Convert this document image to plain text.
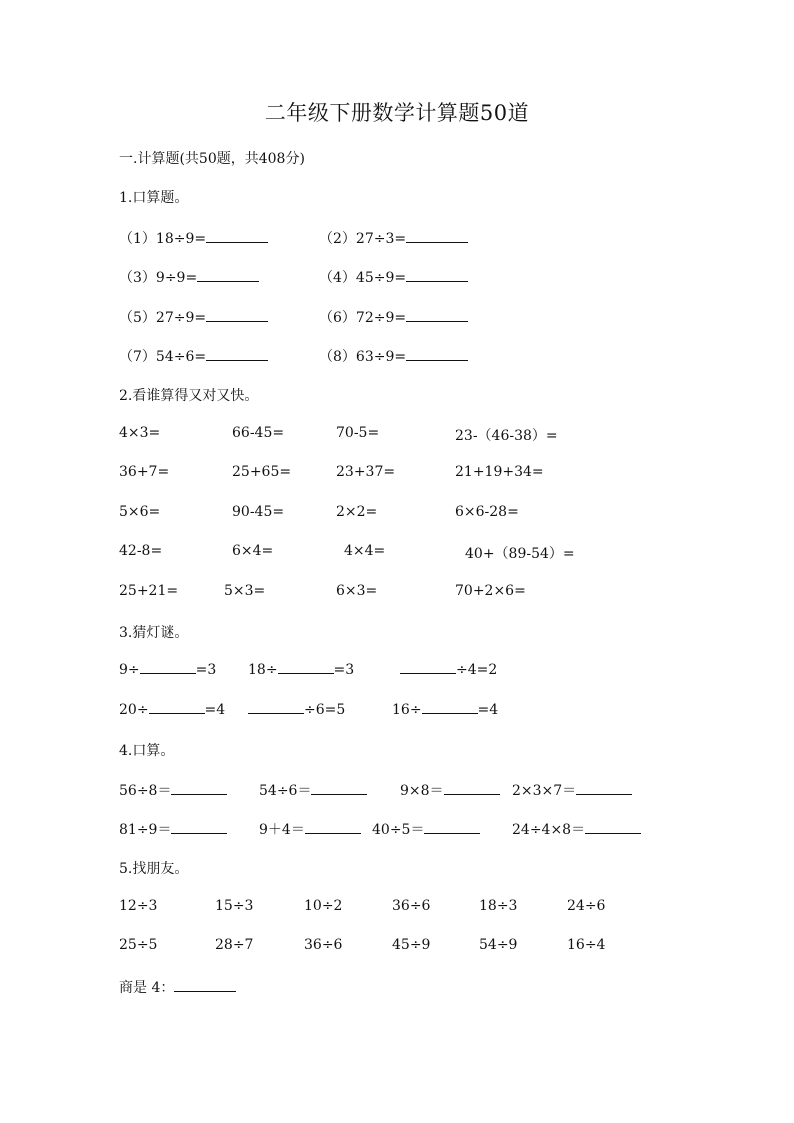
二年级下册数学计算题50道
一.计算题(共50题，共408分)
1.口算题。
（1）18÷9=	（2）27÷3=
（3）9÷9=	（4）45÷9=
（5）27÷9=	（6）72÷9=
（7）54÷6=	（8）63÷9=
2.看谁算得又对又快。
4×3=	66-45=	70-5=	23-（46-38）=
36+7=	25+65=	23+37=	21+19+34=
5×6=	90-45=	2×2=	6×6-28=
42-8=	6×4=	4×4=	40+（89-54）=
25+21=	5×3=	6×3=	70+2×6=
3.猜灯谜。
9÷	=3 18÷	=3	÷4=2
20÷	=4	÷6=5	16÷	=4
4.口算。
56÷8＝	54÷6＝	9×8＝	2×3×7＝
81÷9＝	9＋4＝	40÷5＝	24÷4×8＝
5.找朋友。
12÷3	15÷3	10÷2	36÷6	18÷3	24÷6
25÷5	28÷7	36÷6	45÷9	54÷9	16÷4
商是 4：
